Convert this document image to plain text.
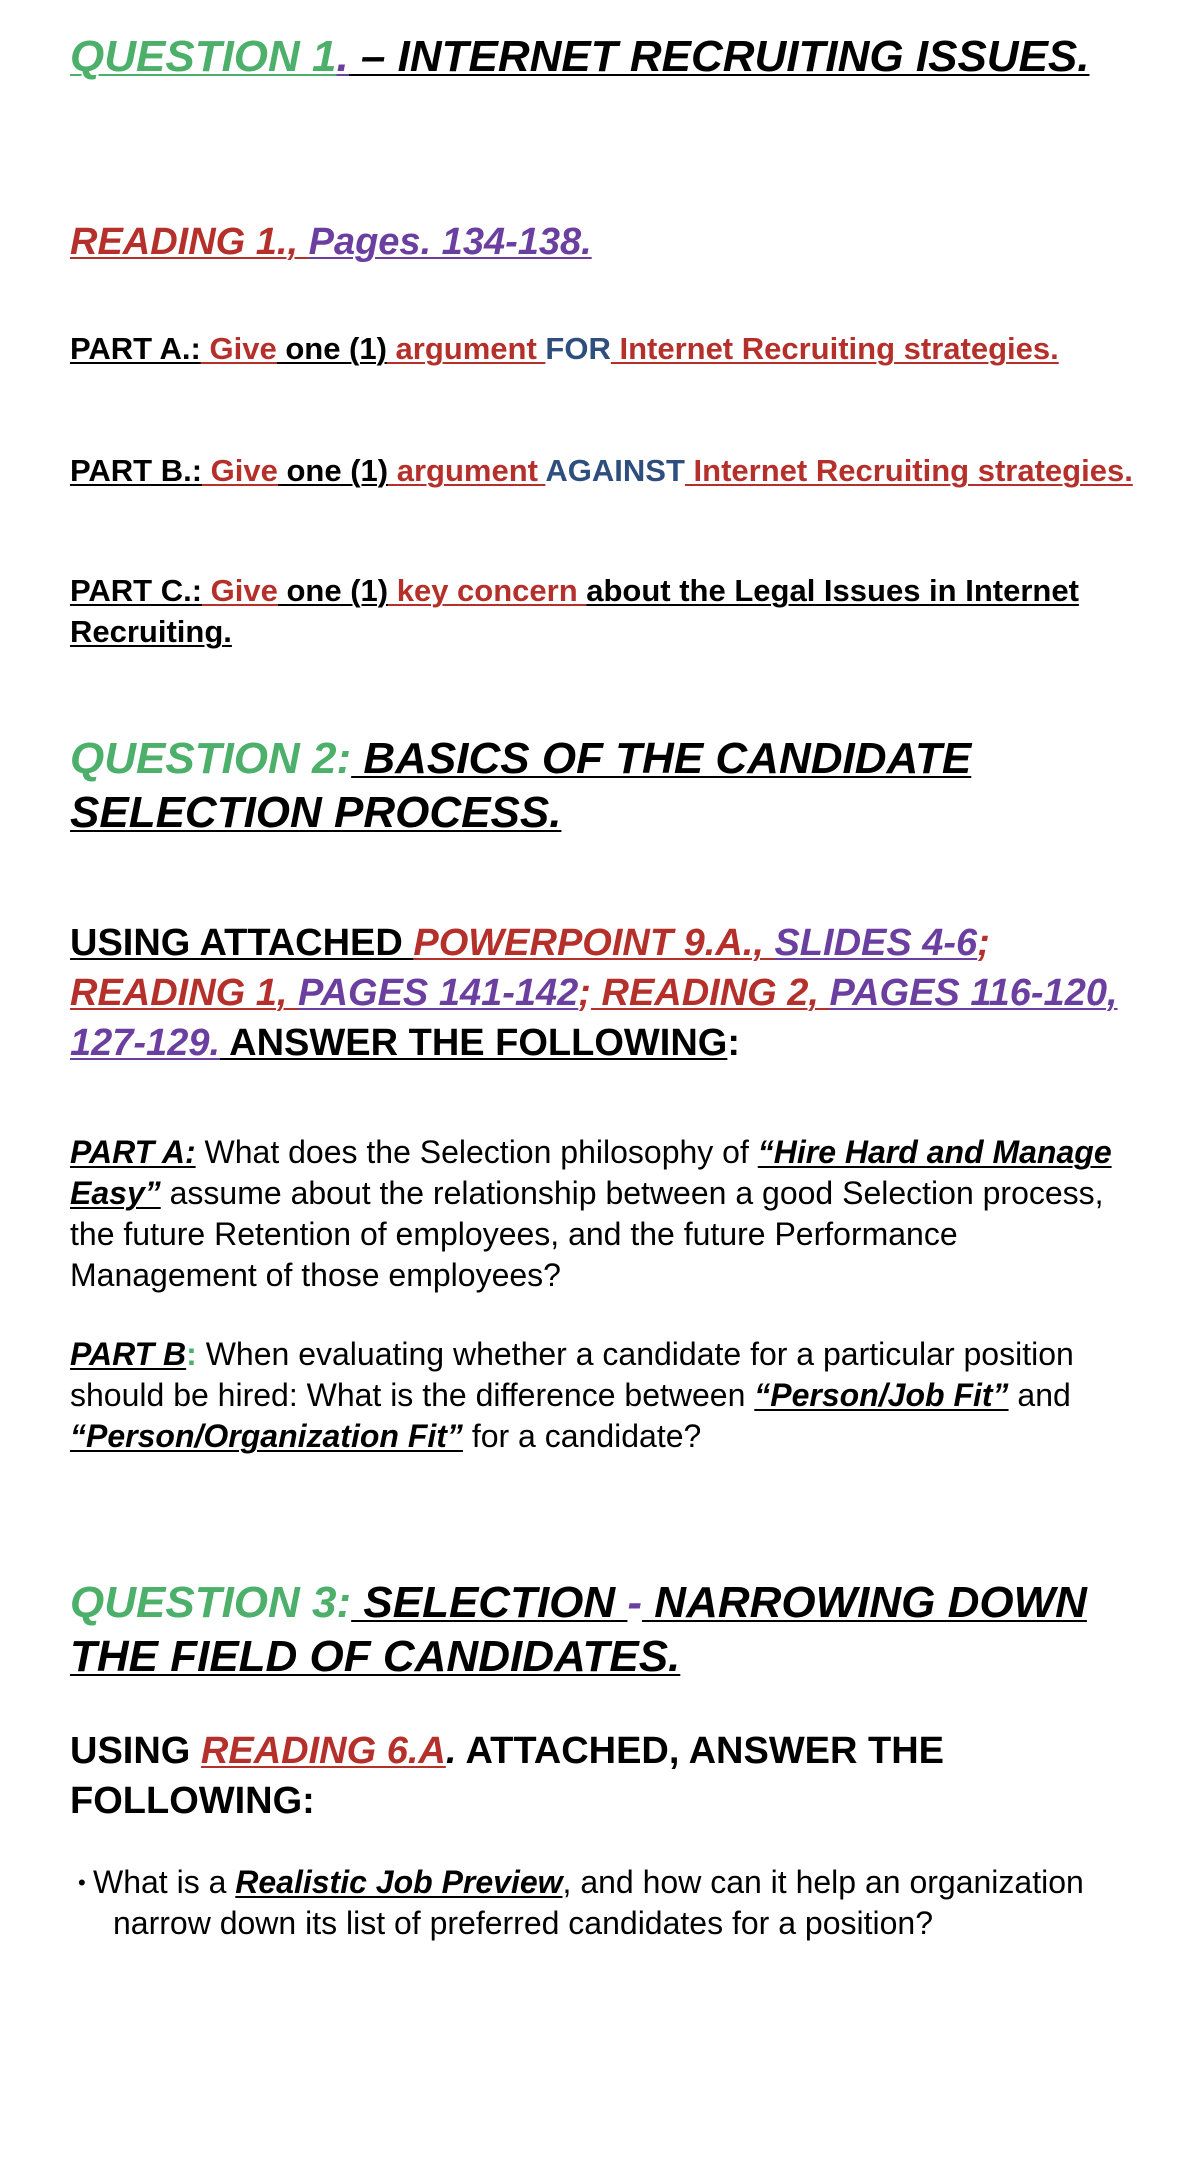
QUESTION 1. – INTERNET RECRUITING ISSUES.
READING 1., Pages. 134-138.
PART A.: Give one (1) argument FOR Internet Recruiting strategies.
PART B.: Give one (1) argument AGAINST Internet Recruiting strategies.
PART C.: Give one (1) key concern about the Legal Issues in Internet Recruiting.
QUESTION 2: BASICS OF THE CANDIDATE SELECTION PROCESS.
USING ATTACHED POWERPOINT 9.A., SLIDES 4-6; READING 1, PAGES 141-142; READING 2, PAGES 116-120, 127-129. ANSWER THE FOLLOWING:
PART A: What does the Selection philosophy of “Hire Hard and Manage Easy” assume about the relationship between a good Selection process, the future Retention of employees, and the future Performance Management of those employees?
PART B: When evaluating whether a candidate for a particular position should be hired: What is the difference between “Person/Job Fit” and “Person/Organization Fit” for a candidate?
QUESTION 3: SELECTION - NARROWING DOWN THE FIELD OF CANDIDATES.
USING READING 6.A. ATTACHED, ANSWER THE FOLLOWING:
• What is a Realistic Job Preview, and how can it help an organization narrow down its list of preferred candidates for a position?
